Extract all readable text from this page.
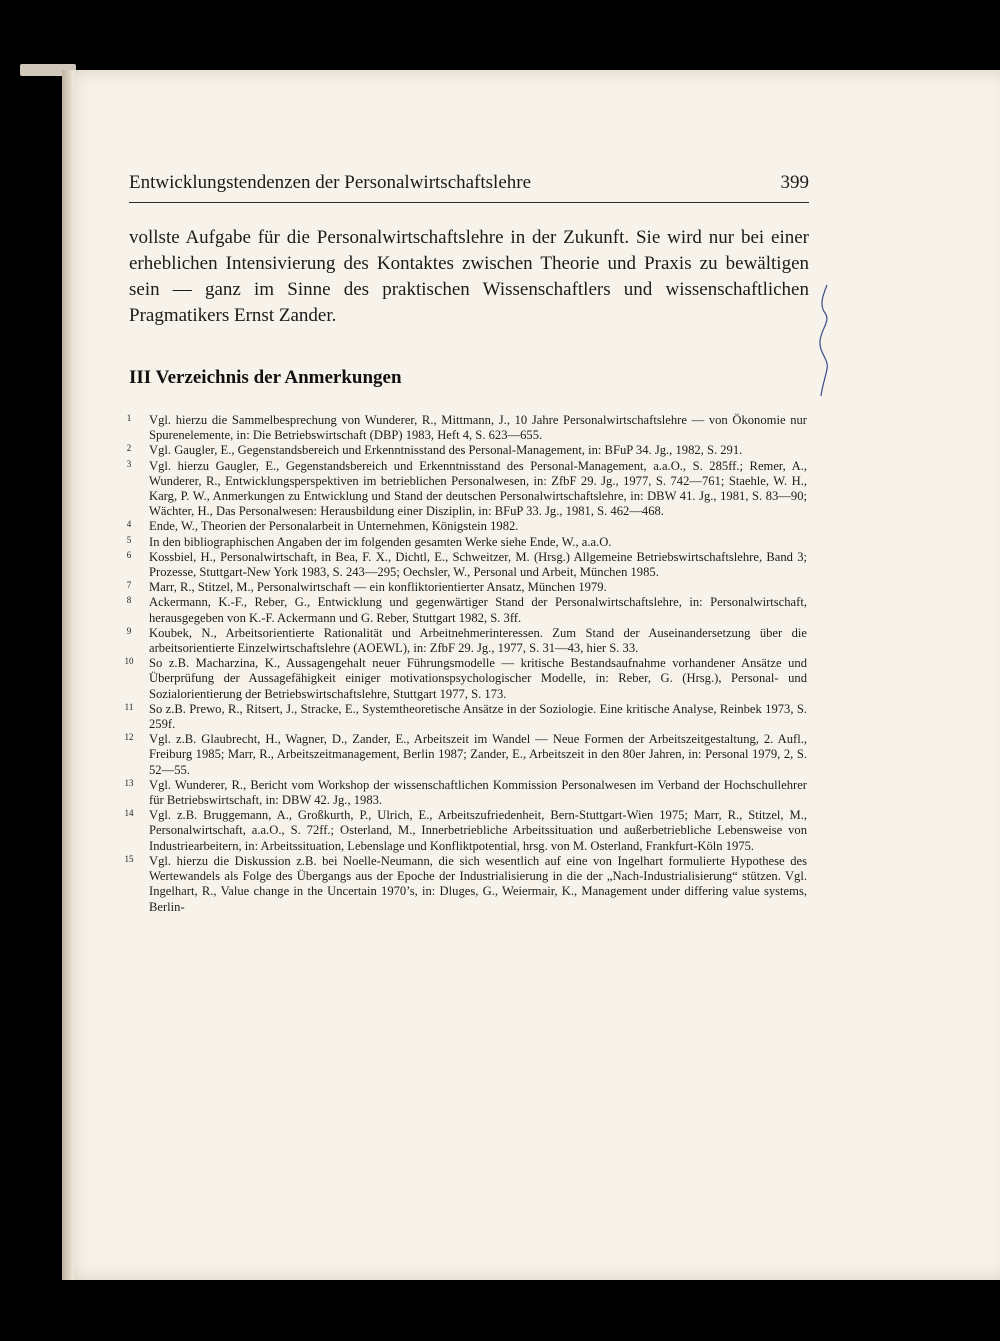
Entwicklungstendenzen der Personalwirtschaftslehre	399
vollste Aufgabe für die Personalwirtschaftslehre in der Zukunft. Sie wird nur bei einer erheblichen Intensivierung des Kontaktes zwischen Theorie und Praxis zu bewältigen sein — ganz im Sinne des praktischen Wissenschaftlers und wissenschaftlichen Pragmatikers Ernst Zander.
III Verzeichnis der Anmerkungen
1	Vgl. hierzu die Sammelbesprechung von Wunderer, R., Mittmann, J., 10 Jahre Personalwirtschaftslehre — von Ökonomie nur Spurenelemente, in: Die Betriebswirtschaft (DBP) 1983, Heft 4, S. 623—655.
2	Vgl. Gaugler, E., Gegenstandsbereich und Erkenntnisstand des Personal-Management, in: BFuP 34. Jg., 1982, S. 291.
3	Vgl. hierzu Gaugler, E., Gegenstandsbereich und Erkenntnisstand des Personal-Management, a.a.O., S. 285ff.; Remer, A., Wunderer, R., Entwicklungsperspektiven im betrieblichen Personalwesen, in: ZfbF 29. Jg., 1977, S. 742—761; Staehle, W. H., Karg, P. W., Anmerkungen zu Entwicklung und Stand der deutschen Personalwirtschaftslehre, in: DBW 41. Jg., 1981, S. 83—90; Wächter, H., Das Personalwesen: Herausbildung einer Disziplin, in: BFuP 33. Jg., 1981, S. 462—468.
4	Ende, W., Theorien der Personalarbeit in Unternehmen, Königstein 1982.
5	In den bibliographischen Angaben der im folgenden gesamten Werke siehe Ende, W., a.a.O.
6	Kossbiel, H., Personalwirtschaft, in Bea, F. X., Dichtl, E., Schweitzer, M. (Hrsg.) Allgemeine Betriebswirtschaftslehre, Band 3; Prozesse, Stuttgart-New York 1983, S. 243—295; Oechsler, W., Personal und Arbeit, München 1985.
7	Marr, R., Stitzel, M., Personalwirtschaft — ein konfliktorientierter Ansatz, München 1979.
8	Ackermann, K.-F., Reber, G., Entwicklung und gegenwärtiger Stand der Personalwirtschaftslehre, in: Personalwirtschaft, herausgegeben von K.-F. Ackermann und G. Reber, Stuttgart 1982, S. 3ff.
9	Koubek, N., Arbeitsorientierte Rationalität und Arbeitnehmerinteressen. Zum Stand der Auseinandersetzung über die arbeitsorientierte Einzelwirtschaftslehre (AOEWL), in: ZfbF 29. Jg., 1977, S. 31—43, hier S. 33.
10	So z.B. Macharzina, K., Aussagengehalt neuer Führungsmodelle — kritische Bestandsaufnahme vorhandener Ansätze und Überprüfung der Aussagefähigkeit einiger motivationspsychologischer Modelle, in: Reber, G. (Hrsg.), Personal- und Sozialorientierung der Betriebswirtschaftslehre, Stuttgart 1977, S. 173.
11	So z.B. Prewo, R., Ritsert, J., Stracke, E., Systemtheoretische Ansätze in der Soziologie. Eine kritische Analyse, Reinbek 1973, S. 259f.
12	Vgl. z.B. Glaubrecht, H., Wagner, D., Zander, E., Arbeitszeit im Wandel — Neue Formen der Arbeitszeitgestaltung, 2. Aufl., Freiburg 1985; Marr, R., Arbeitszeitmanagement, Berlin 1987; Zander, E., Arbeitszeit in den 80er Jahren, in: Personal 1979, 2, S. 52—55.
13	Vgl. Wunderer, R., Bericht vom Workshop der wissenschaftlichen Kommission Personalwesen im Verband der Hochschullehrer für Betriebswirtschaft, in: DBW 42. Jg., 1983.
14	Vgl. z.B. Bruggemann, A., Großkurth, P., Ulrich, E., Arbeitszufriedenheit, Bern-Stuttgart-Wien 1975; Marr, R., Stitzel, M., Personalwirtschaft, a.a.O., S. 72ff.; Osterland, M., Innerbetriebliche Arbeitssituation und außerbetriebliche Lebensweise von Industriearbeitern, in: Arbeitssituation, Lebenslage und Konfliktpotential, hrsg. von M. Osterland, Frankfurt-Köln 1975.
15	Vgl. hierzu die Diskussion z.B. bei Noelle-Neumann, die sich wesentlich auf eine von Ingelhart formulierte Hypothese des Wertewandels als Folge des Übergangs aus der Epoche der Industrialisierung in die der „Nach-Industrialisierung“ stützen. Vgl. Ingelhart, R., Value change in the Uncertain 1970’s, in: Dluges, G., Weiermair, K., Management under differing value systems, Berlin-
